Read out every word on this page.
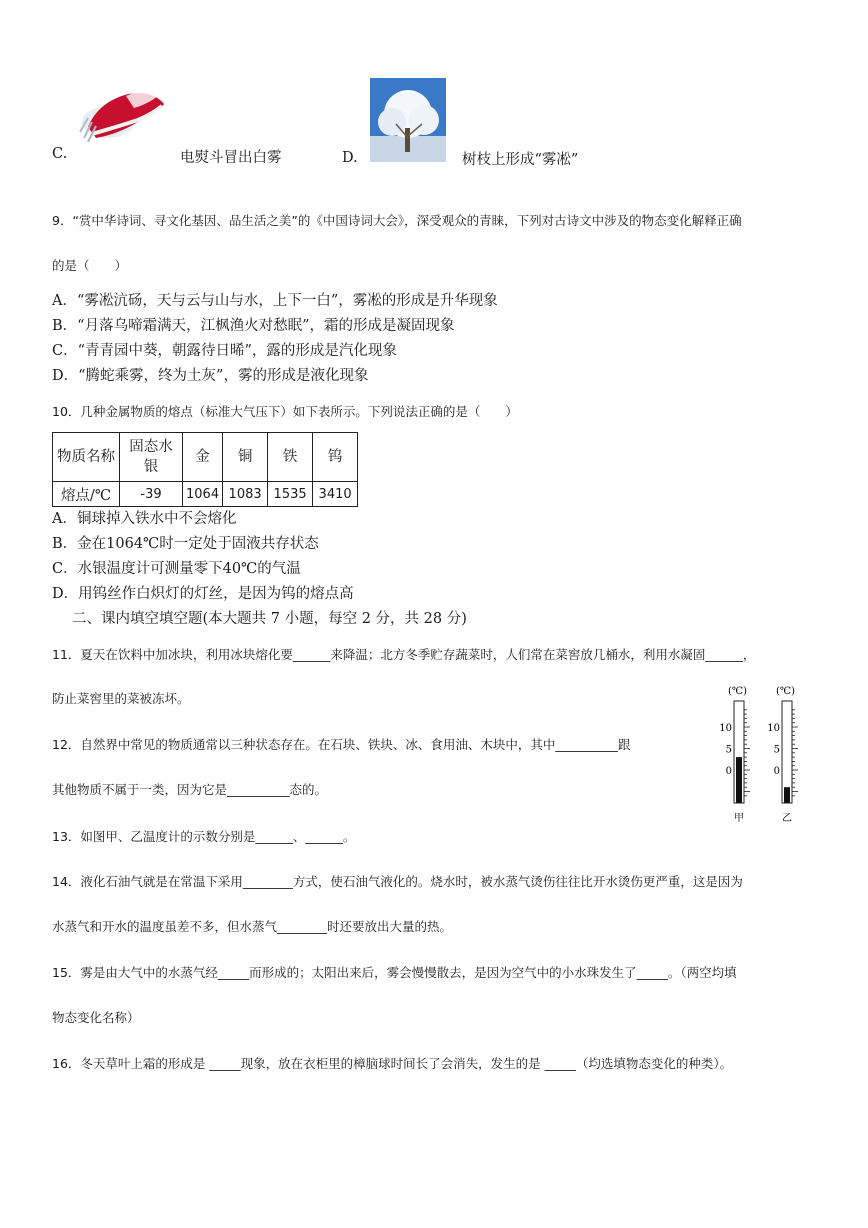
C.	电熨斗冒出白雾	D.	树枝上形成“雾凇”
9．“赏中华诗词、寻文化基因、品生活之美”的《中国诗词大会》，深受观众的青睐，下列对古诗文中涉及的物态变化解释正确
的是（　　）
A．“雾凇沆砀，天与云与山与水，上下一白”，雾凇的形成是升华现象
B．“月落乌啼霜满天，江枫渔火对愁眠”，霜的形成是凝固现象
C．“青青园中葵，朝露待日晞”，露的形成是汽化现象
D．“腾蛇乘雾，终为土灰”，雾的形成是液化现象
10．几种金属物质的熔点（标准大气压下）如下表所示。下列说法正确的是（　　）
物质名称	固态水银	金	铜	铁	钨
熔点/℃	-39	1064	1083	1535	3410
A．铜球掉入铁水中不会熔化
B．金在1064℃时一定处于固液共存状态
C．水银温度计可测量零下40℃的气温
D．用钨丝作白炽灯的灯丝，是因为钨的熔点高
二、课内填空填空题(本大题共 7 小题，每空 2 分，共 28 分)
11．夏天在饮料中加冰块，利用冰块熔化要______来降温；北方冬季贮存蔬菜时，人们常在菜窖放几桶水，利用水凝固______，
防止菜窖里的菜被冻坏。
12．自然界中常见的物质通常以三种状态存在。在石块、铁块、冰、食用油、木块中，其中__________跟
其他物质不属于一类，因为它是__________态的。
13．如图甲、乙温度计的示数分别是______、______。
(℃)
10
5
0
甲
(℃)
10
5
0
乙
14．液化石油气就是在常温下采用________方式，使石油气液化的。烧水时，被水蒸气烫伤往往比开水烫伤更严重，这是因为
水蒸气和开水的温度虽差不多，但水蒸气________时还要放出大量的热。
15．雾是由大气中的水蒸气经_____而形成的；太阳出来后，雾会慢慢散去，是因为空气中的小水珠发生了_____。（两空均填
物态变化名称）
16．冬天草叶上霜的形成是 _____现象，放在衣柜里的樟脑球时间长了会消失，发生的是 _____（均选填物态变化的种类）。
